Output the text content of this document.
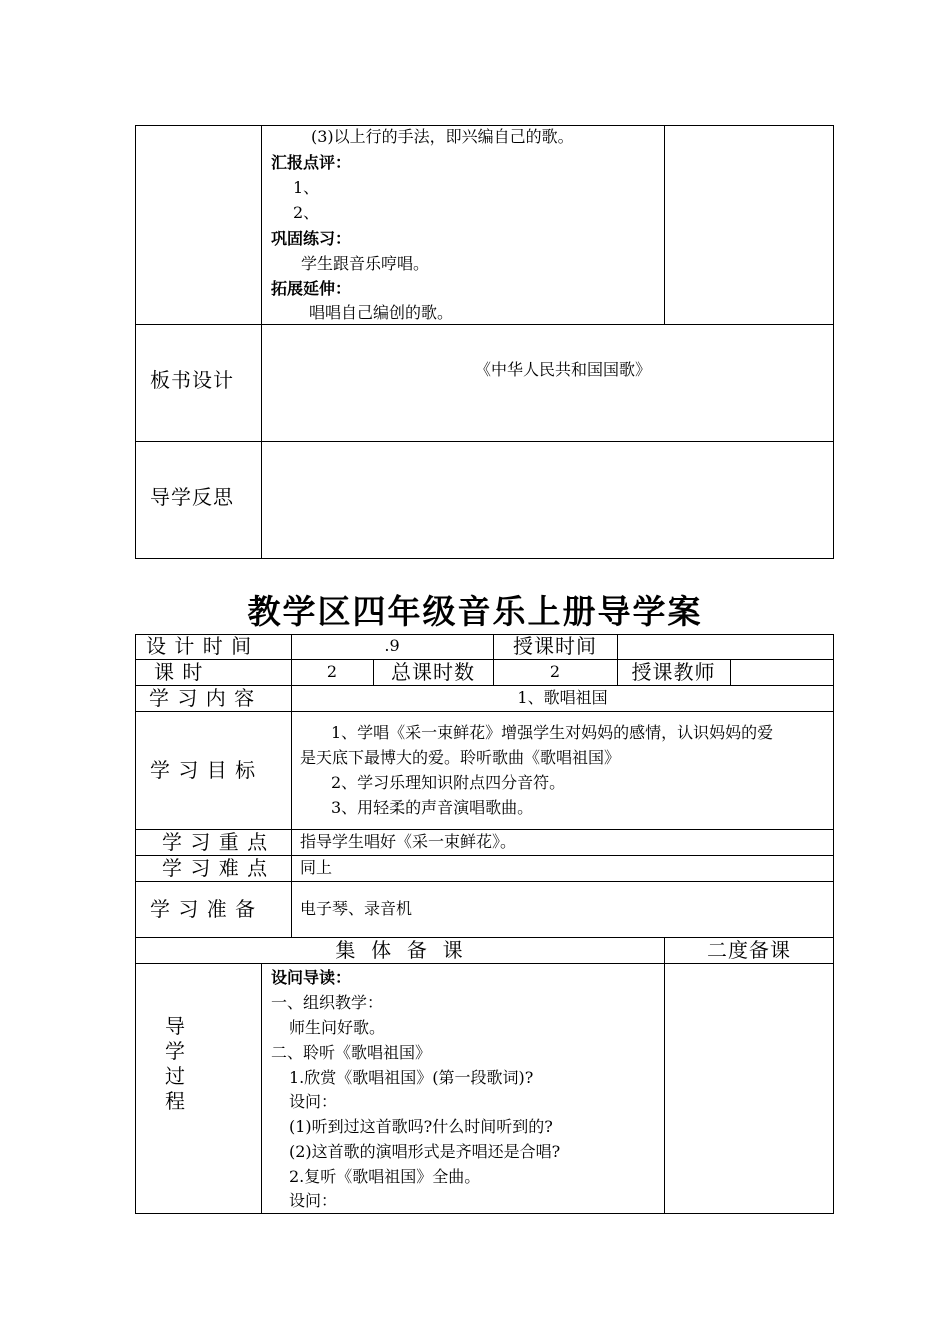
(3)以上行的手法，即兴编自己的歌。
汇报点评：
1、
2、
巩固练习：
学生跟音乐哼唱。
拓展延伸：
唱唱自己编创的歌。
板书设计	《中华人民共和国国歌》
导学反思
教学区四年级音乐上册导学案
设 计 时 间	.9	授课时间
课 时	2	总课时数	2	授课教师
学 习 内 容	1、歌唱祖国
学 习 目 标
1、学唱《采一束鲜花》增强学生对妈妈的感情，认识妈妈的爱
是天底下最博大的爱。聆听歌曲《歌唱祖国》
2、学习乐理知识附点四分音符。
3、用轻柔的声音演唱歌曲。
学 习 重 点 指导学生唱好《采一束鲜花》。
学 习 难 点 同上
学 习 准 备	电子琴、录音机
集  体  备  课	二度备课
导
学
过
程
设问导读：
一、组织教学：
师生问好歌。
二、聆听《歌唱祖国》
1.欣赏《歌唱祖国》(第一段歌词)?
设问：
(1)听到过这首歌吗?什么时间听到的?
(2)这首歌的演唱形式是齐唱还是合唱?
2.复听《歌唱祖国》全曲。
设问：
